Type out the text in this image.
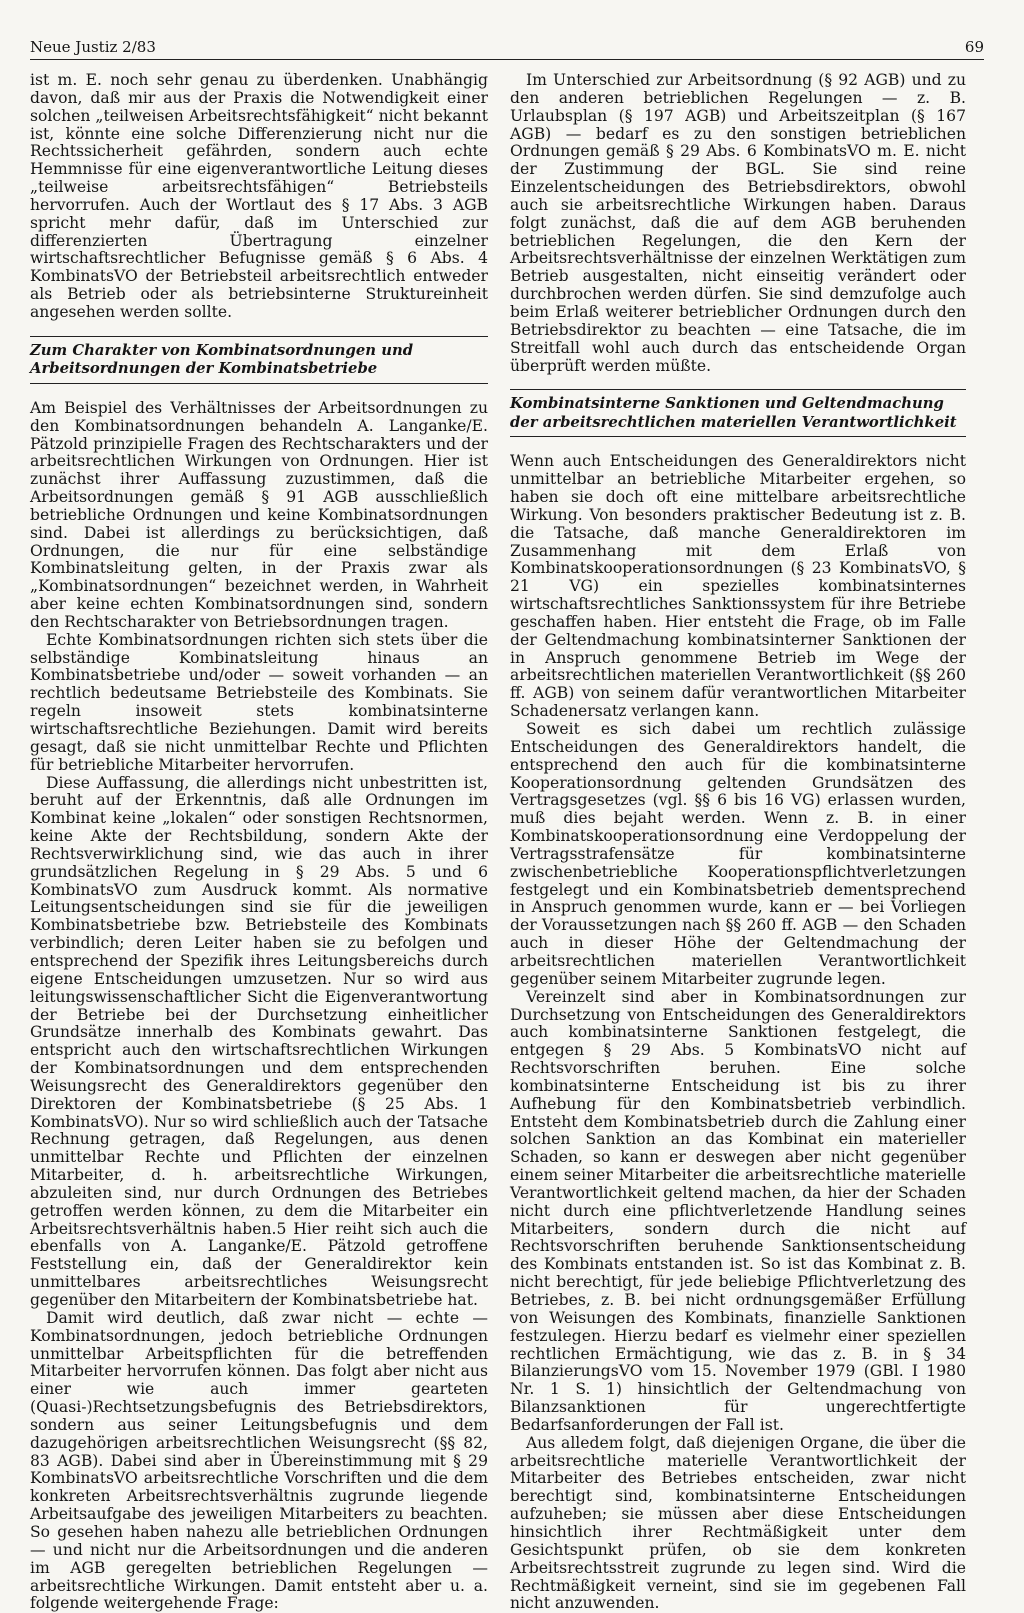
Neue Justiz 2/83	69

ist m. E. noch sehr genau zu überdenken. Unabhängig davon, daß mir aus der Praxis die Notwendigkeit einer solchen „teilweisen Arbeitsrechtsfähigkeit“ nicht bekannt ist, könnte eine solche Differenzierung nicht nur die Rechtssicherheit gefährden, sondern auch echte Hemmnisse für eine eigenverantwortliche Leitung dieses „teilweise arbeitsrechtsfähigen“ Betriebsteils hervorrufen. Auch der Wortlaut des § 17 Abs. 3 AGB spricht mehr dafür, daß im Unterschied zur differenzierten Übertragung einzelner wirtschaftsrechtlicher Befugnisse gemäß § 6 Abs. 4 KombinatsVO der Betriebsteil arbeitsrechtlich entweder als Betrieb oder als betriebsinterne Struktureinheit angesehen werden sollte.

Zum Charakter von Kombinatsordnungen und Arbeitsordnungen der Kombinatsbetriebe

Am Beispiel des Verhältnisses der Arbeitsordnungen zu den Kombinatsordnungen behandeln A. Langanke/E. Pätzold prinzipielle Fragen des Rechtscharakters und der arbeitsrechtlichen Wirkungen von Ordnungen. Hier ist zunächst ihrer Auffassung zuzustimmen, daß die Arbeitsordnungen gemäß § 91 AGB ausschließlich betriebliche Ordnungen und keine Kombinatsordnungen sind. Dabei ist allerdings zu berücksichtigen, daß Ordnungen, die nur für eine selbständige Kombinatsleitung gelten, in der Praxis zwar als „Kombinatsordnungen“ bezeichnet werden, in Wahrheit aber keine echten Kombinatsordnungen sind, sondern den Rechtscharakter von Betriebsordnungen tragen.

Echte Kombinatsordnungen richten sich stets über die selbständige Kombinatsleitung hinaus an Kombinatsbetriebe und/oder — soweit vorhanden — an rechtlich bedeutsame Betriebsteile des Kombinats. Sie regeln insoweit stets kombinatsinterne wirtschaftsrechtliche Beziehungen. Damit wird bereits gesagt, daß sie nicht unmittelbar Rechte und Pflichten für betriebliche Mitarbeiter hervorrufen.

Diese Auffassung, die allerdings nicht unbestritten ist, beruht auf der Erkenntnis, daß alle Ordnungen im Kombinat keine „lokalen“ oder sonstigen Rechtsnormen, keine Akte der Rechtsbildung, sondern Akte der Rechtsverwirklichung sind, wie das auch in ihrer grundsätzlichen Regelung in § 29 Abs. 5 und 6 KombinatsVO zum Ausdruck kommt. Als normative Leitungsentscheidungen sind sie für die jeweiligen Kombinatsbetriebe bzw. Betriebsteile des Kombinats verbindlich; deren Leiter haben sie zu befolgen und entsprechend der Spezifik ihres Leitungsbereichs durch eigene Entscheidungen umzusetzen. Nur so wird aus leitungswissenschaftlicher Sicht die Eigenverantwortung der Betriebe bei der Durchsetzung einheitlicher Grundsätze innerhalb des Kombinats gewahrt. Das entspricht auch den wirtschaftsrechtlichen Wirkungen der Kombinatsordnungen und dem entsprechenden Weisungsrecht des Generaldirektors gegenüber den Direktoren der Kombinatsbetriebe (§ 25 Abs. 1 KombinatsVO). Nur so wird schließlich auch der Tatsache Rechnung getragen, daß Regelungen, aus denen unmittelbar Rechte und Pflichten der einzelnen Mitarbeiter, d. h. arbeitsrechtliche Wirkungen, abzuleiten sind, nur durch Ordnungen des Betriebes getroffen werden können, zu dem die Mitarbeiter ein Arbeitsrechtsverhältnis haben.5 Hier reiht sich auch die ebenfalls von A. Langanke/E. Pätzold getroffene Feststellung ein, daß der Generaldirektor kein unmittelbares arbeitsrechtliches Weisungsrecht gegenüber den Mitarbeitern der Kombinatsbetriebe hat.

Damit wird deutlich, daß zwar nicht — echte — Kombinatsordnungen, jedoch betriebliche Ordnungen unmittelbar Arbeitspflichten für die betreffenden Mitarbeiter hervorrufen können. Das folgt aber nicht aus einer wie auch immer gearteten (Quasi-)Rechtsetzungsbefugnis des Betriebsdirektors, sondern aus seiner Leitungsbefugnis und dem dazugehörigen arbeitsrechtlichen Weisungsrecht (§§ 82, 83 AGB). Dabei sind aber in Übereinstimmung mit § 29 KombinatsVO arbeitsrechtliche Vorschriften und die dem konkreten Arbeitsrechtsverhältnis zugrunde liegende Arbeitsaufgabe des jeweiligen Mitarbeiters zu beachten. So gesehen haben nahezu alle betrieblichen Ordnungen — und nicht nur die Arbeitsordnungen und die anderen im AGB geregelten betrieblichen Regelungen — arbeitsrechtliche Wirkungen. Damit entsteht aber u. a. folgende weitergehende Frage:

Im Unterschied zur Arbeitsordnung (§ 92 AGB) und zu den anderen betrieblichen Regelungen — z. B. Urlaubsplan (§ 197 AGB) und Arbeitszeitplan (§ 167 AGB) — bedarf es zu den sonstigen betrieblichen Ordnungen gemäß § 29 Abs. 6 KombinatsVO m. E. nicht der Zustimmung der BGL. Sie sind reine Einzelentscheidungen des Betriebsdirektors, obwohl auch sie arbeitsrechtliche Wirkungen haben. Daraus folgt zunächst, daß die auf dem AGB beruhenden betrieblichen Regelungen, die den Kern der Arbeitsrechtsverhältnisse der einzelnen Werktätigen zum Betrieb ausgestalten, nicht einseitig verändert oder durchbrochen werden dürfen. Sie sind demzufolge auch beim Erlaß weiterer betrieblicher Ordnungen durch den Betriebsdirektor zu beachten — eine Tatsache, die im Streitfall wohl auch durch das entscheidende Organ überprüft werden müßte.

Kombinatsinterne Sanktionen und Geltendmachung der arbeitsrechtlichen materiellen Verantwortlichkeit

Wenn auch Entscheidungen des Generaldirektors nicht unmittelbar an betriebliche Mitarbeiter ergehen, so haben sie doch oft eine mittelbare arbeitsrechtliche Wirkung. Von besonders praktischer Bedeutung ist z. B. die Tatsache, daß manche Generaldirektoren im Zusammenhang mit dem Erlaß von Kombinatskooperationsordnungen (§ 23 KombinatsVO, § 21 VG) ein spezielles kombinatsinternes wirtschaftsrechtliches Sanktionssystem für ihre Betriebe geschaffen haben. Hier entsteht die Frage, ob im Falle der Geltendmachung kombinatsinterner Sanktionen der in Anspruch genommene Betrieb im Wege der arbeitsrechtlichen materiellen Verantwortlichkeit (§§ 260 ff. AGB) von seinem dafür verantwortlichen Mitarbeiter Schadenersatz verlangen kann.

Soweit es sich dabei um rechtlich zulässige Entscheidungen des Generaldirektors handelt, die entsprechend den auch für die kombinatsinterne Kooperationsordnung geltenden Grundsätzen des Vertragsgesetzes (vgl. §§ 6 bis 16 VG) erlassen wurden, muß dies bejaht werden. Wenn z. B. in einer Kombinatskooperationsordnung eine Verdoppelung der Vertragsstrafensätze für kombinatsinterne zwischenbetriebliche Kooperationspflichtverletzungen festgelegt und ein Kombinatsbetrieb dementsprechend in Anspruch genommen wurde, kann er — bei Vorliegen der Voraussetzungen nach §§ 260 ff. AGB — den Schaden auch in dieser Höhe der Geltendmachung der arbeitsrechtlichen materiellen Verantwortlichkeit gegenüber seinem Mitarbeiter zugrunde legen.

Vereinzelt sind aber in Kombinatsordnungen zur Durchsetzung von Entscheidungen des Generaldirektors auch kombinatsinterne Sanktionen festgelegt, die entgegen § 29 Abs. 5 KombinatsVO nicht auf Rechtsvorschriften beruhen. Eine solche kombinatsinterne Entscheidung ist bis zu ihrer Aufhebung für den Kombinatsbetrieb verbindlich. Entsteht dem Kombinatsbetrieb durch die Zahlung einer solchen Sanktion an das Kombinat ein materieller Schaden, so kann er deswegen aber nicht gegenüber einem seiner Mitarbeiter die arbeitsrechtliche materielle Verantwortlichkeit geltend machen, da hier der Schaden nicht durch eine pflichtverletzende Handlung seines Mitarbeiters, sondern durch die nicht auf Rechtsvorschriften beruhende Sanktionsentscheidung des Kombinats entstanden ist. So ist das Kombinat z. B. nicht berechtigt, für jede beliebige Pflichtverletzung des Betriebes, z. B. bei nicht ordnungsgemäßer Erfüllung von Weisungen des Kombinats, finanzielle Sanktionen festzulegen. Hierzu bedarf es vielmehr einer speziellen rechtlichen Ermächtigung, wie das z. B. in § 34 BilanzierungsVO vom 15. November 1979 (GBl. I 1980 Nr. 1 S. 1) hinsichtlich der Geltendmachung von Bilanzsanktionen für ungerechtfertigte Bedarfsanforderungen der Fall ist.

Aus alledem folgt, daß diejenigen Organe, die über die arbeitsrechtliche materielle Verantwortlichkeit der Mitarbeiter des Betriebes entscheiden, zwar nicht berechtigt sind, kombinatsinterne Entscheidungen aufzuheben; sie müssen aber diese Entscheidungen hinsichtlich ihrer Rechtmäßigkeit unter dem Gesichtspunkt prüfen, ob sie dem konkreten Arbeitsrechtsstreit zugrunde zu legen sind. Wird die Rechtmäßigkeit verneint, sind sie im gegebenen Fall nicht anzuwenden.
